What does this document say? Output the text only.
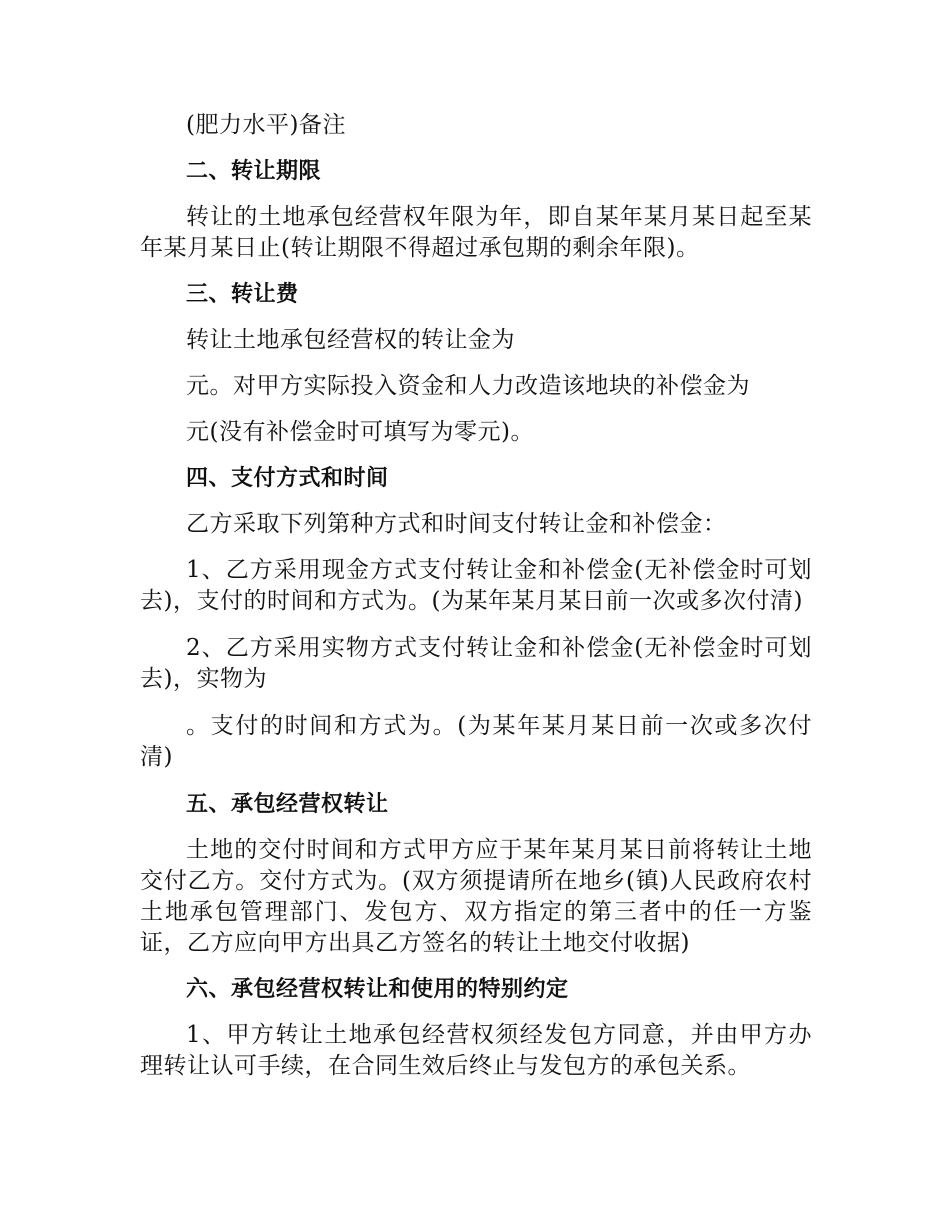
(肥力水平)备注

二、转让期限

转让的土地承包经营权年限为年，即自某年某月某日起至某年某月某日止(转让期限不得超过承包期的剩余年限)。

三、转让费

转让土地承包经营权的转让金为

元。对甲方实际投入资金和人力改造该地块的补偿金为

元(没有补偿金时可填写为零元)。

四、支付方式和时间

乙方采取下列第种方式和时间支付转让金和补偿金：

1、乙方采用现金方式支付转让金和补偿金(无补偿金时可划去)，支付的时间和方式为。(为某年某月某日前一次或多次付清)

2、乙方采用实物方式支付转让金和补偿金(无补偿金时可划去)，实物为

。支付的时间和方式为。(为某年某月某日前一次或多次付清)

五、承包经营权转让

土地的交付时间和方式甲方应于某年某月某日前将转让土地交付乙方。交付方式为。(双方须提请所在地乡(镇)人民政府农村土地承包管理部门、发包方、双方指定的第三者中的任一方鉴证，乙方应向甲方出具乙方签名的转让土地交付收据)

六、承包经营权转让和使用的特别约定

1、甲方转让土地承包经营权须经发包方同意，并由甲方办理转让认可手续，在合同生效后终止与发包方的承包关系。
